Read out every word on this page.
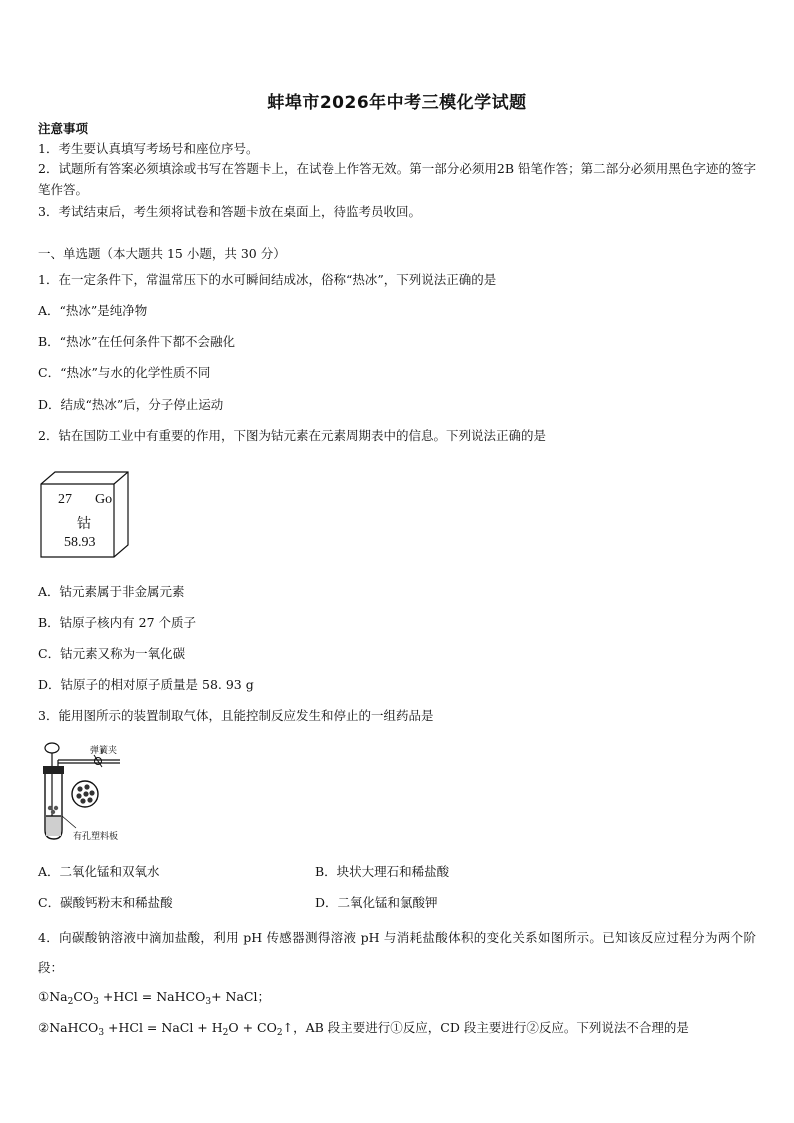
蚌埠市2026年中考三模化学试题
注意事项
1．考生要认真填写考场号和座位序号。
2．试题所有答案必须填涂或书写在答题卡上，在试卷上作答无效。第一部分必须用2B 铅笔作答；第二部分必须用黑色字迹的签字笔作答。
3．考试结束后，考生须将试卷和答题卡放在桌面上，待监考员收回。
一、单选题（本大题共 15 小题，共 30 分）
1．在一定条件下，常温常压下的水可瞬间结成冰，俗称“热冰”，下列说法正确的是
A．“热冰”是纯净物
B．“热冰”在任何条件下都不会融化
C．“热冰”与水的化学性质不同
D．结成“热冰”后，分子停止运动
2．钴在国防工业中有重要的作用，下图为钴元素在元素周期表中的信息。下列说法正确的是
27 Go
钴
58.93
A．钴元素属于非金属元素
B．钴原子核内有 27 个质子
C．钴元素又称为一氧化碳
D．钴原子的相对原子质量是 58. 93 g
3．能用图所示的装置制取气体，且能控制反应发生和停止的一组药品是
弹簧夹
有孔塑料板
A．二氧化锰和双氧水	B．块状大理石和稀盐酸
C．碳酸钙粉末和稀盐酸	D．二氧化锰和氯酸钾
4．向碳酸钠溶液中滴加盐酸，利用 pH 传感器测得溶液 pH 与消耗盐酸体积的变化关系如图所示。已知该反应过程分为两个阶段：
$①Na_2CO_3 +HCl$ = NaHCO$_3$+ NaCl；
②NaHCO$_3$ +HCl = NaCl + $H_2O$ + $CO_2↑$，AB 段主要进行①反应，CD 段主要进行②反应。下列说法不合理的是
